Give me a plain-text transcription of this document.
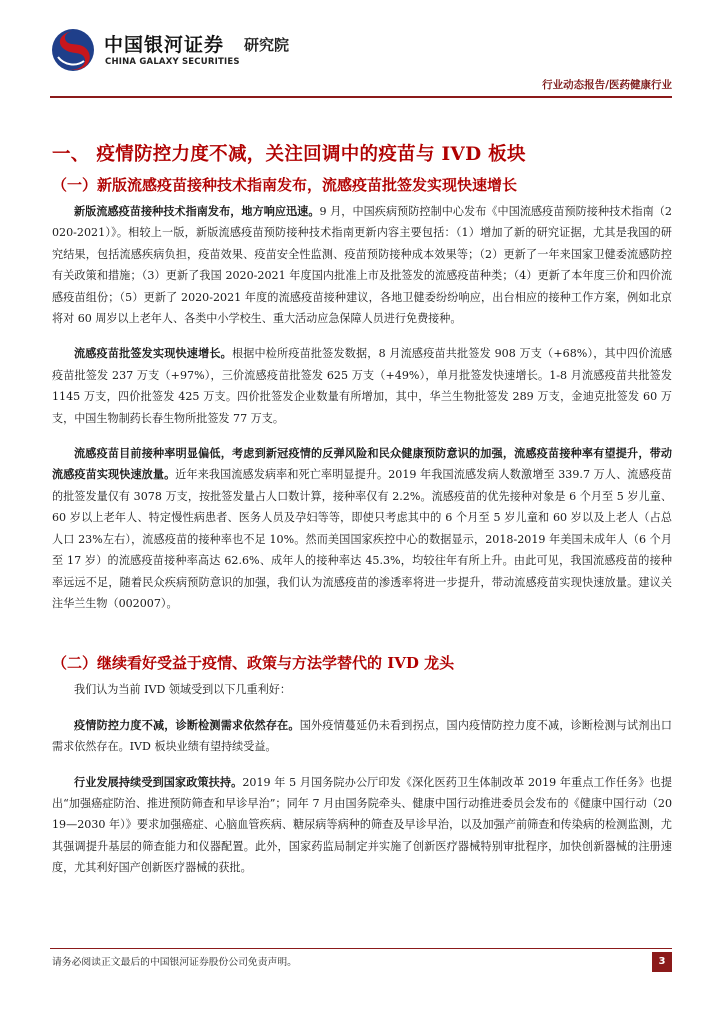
中国银河证券 研究院
CHINA GALAXY SECURITIES
行业动态报告/医药健康行业
一、 疫情防控力度不减，关注回调中的疫苗与 IVD 板块
（一）新版流感疫苗接种技术指南发布，流感疫苗批签发实现快速增长

新版流感疫苗接种技术指南发布，地方响应迅速。9 月，中国疾病预防控制中心发布《中国流感疫苗预防接种技术指南（2020-2021）》。相较上一版，新版流感疫苗预防接种技术指南更新内容主要包括：（1）增加了新的研究证据，尤其是我国的研究结果，包括流感疾病负担，疫苗效果、疫苗安全性监测、疫苗预防接种成本效果等；（2）更新了一年来国家卫健委流感防控有关政策和措施；（3）更新了我国 2020-2021 年度国内批准上市及批签发的流感疫苗种类；（4）更新了本年度三价和四价流感疫苗组份；（5）更新了 2020-2021 年度的流感疫苗接种建议，各地卫健委纷纷响应，出台相应的接种工作方案，例如北京将对 60 周岁以上老年人、各类中小学校生、重大活动应急保障人员进行免费接种。

流感疫苗批签发实现快速增长。根据中检所疫苗批签发数据，8 月流感疫苗共批签发 908 万支（+68%），其中四价流感疫苗批签发 237 万支（+97%），三价流感疫苗批签发 625 万支（+49%），单月批签发快速增长。1-8 月流感疫苗共批签发 1145 万支，四价批签发 425 万支。四价批签发企业数量有所增加，其中，华兰生物批签发 289 万支，金迪克批签发 60 万支，中国生物制药长春生物所批签发 77 万支。

流感疫苗目前接种率明显偏低，考虑到新冠疫情的反弹风险和民众健康预防意识的加强，流感疫苗接种率有望提升，带动流感疫苗实现快速放量。近年来我国流感发病率和死亡率明显提升。2019 年我国流感发病人数激增至 339.7 万人、流感疫苗的批签发量仅有 3078 万支，按批签发量占人口数计算，接种率仅有 2.2%。流感疫苗的优先接种对象是 6 个月至 5 岁儿童、60 岁以上老年人、特定慢性病患者、医务人员及孕妇等等，即使只考虑其中的 6 个月至 5 岁儿童和 60 岁以及上老人（占总人口 23%左右），流感疫苗的接种率也不足 10%。然而美国国家疾控中心的数据显示，2018-2019 年美国未成年人（6 个月至 17 岁）的流感疫苗接种率高达 62.6%、成年人的接种率达 45.3%，均较往年有所上升。由此可见，我国流感疫苗的接种率远远不足，随着民众疾病预防意识的加强，我们认为流感疫苗的渗透率将进一步提升，带动流感疫苗实现快速放量。建议关注华兰生物（002007）。

（二）继续看好受益于疫情、政策与方法学替代的 IVD 龙头

我们认为当前 IVD 领域受到以下几重利好：

疫情防控力度不减，诊断检测需求依然存在。国外疫情蔓延仍未看到拐点，国内疫情防控力度不减，诊断检测与试剂出口需求依然存在。IVD 板块业绩有望持续受益。

行业发展持续受到国家政策扶持。2019 年 5 月国务院办公厅印发《深化医药卫生体制改革 2019 年重点工作任务》也提出“加强癌症防治、推进预防筛查和早诊早治”；同年 7 月由国务院牵头、健康中国行动推进委员会发布的《健康中国行动（2019—2030 年）》要求加强癌症、心脑血管疾病、糖尿病等病种的筛查及早诊早治，以及加强产前筛查和传染病的检测监测，尤其强调提升基层的筛查能力和仪器配置。此外，国家药监局制定并实施了创新医疗器械特别审批程序，加快创新器械的注册速度，尤其利好国产创新医疗器械的获批。

请务必阅读正文最后的中国银河证券股份公司免责声明。	3
